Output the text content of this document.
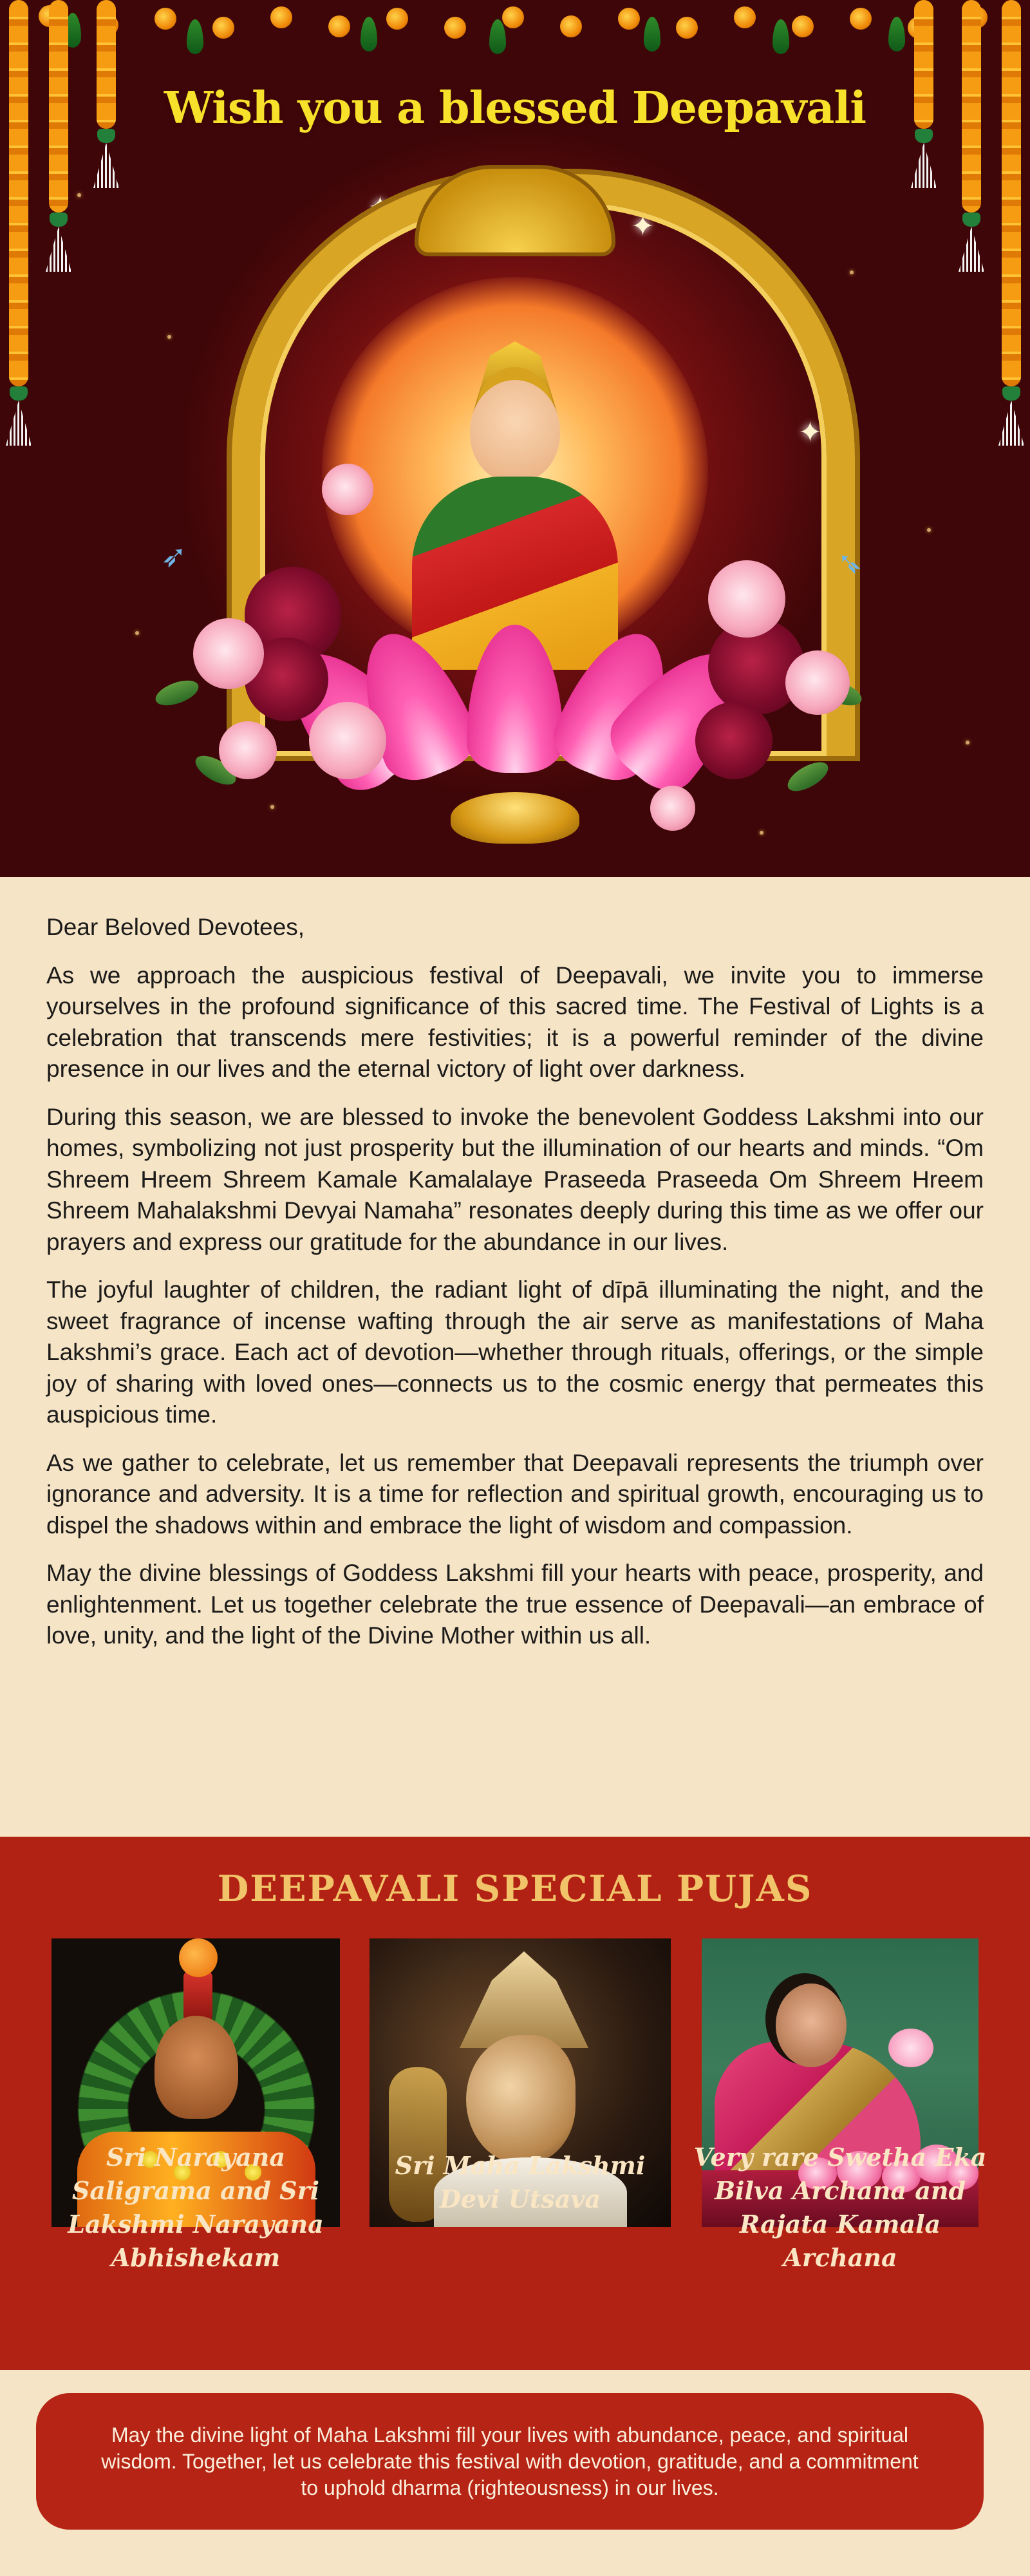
✦
✦
✦
➶	➶
Wish you a blessed Deepavali

Dear Beloved Devotees,

As we approach the auspicious festival of Deepavali, we invite you to immerse yourselves in the profound significance of this sacred time. The Festival of Lights is a celebration that transcends mere festivities; it is a powerful reminder of the divine presence in our lives and the eternal victory of light over darkness.

During this season, we are blessed to invoke the benevolent Goddess Lakshmi into our homes, symbolizing not just prosperity but the illumination of our hearts and minds. “Om Shreem Hreem Shreem Kamale Kamalalaye Praseeda Praseeda Om Shreem Hreem Shreem Mahalakshmi Devyai Namaha” resonates deeply during this time as we offer our prayers and express our gratitude for the abundance in our lives.

The joyful laughter of children, the radiant light of dīpā illuminating the night, and the sweet fragrance of incense wafting through the air serve as manifestations of Maha Lakshmi’s grace. Each act of devotion—whether through rituals, offerings, or the simple joy of sharing with loved ones—connects us to the cosmic energy that permeates this auspicious time.

As we gather to celebrate, let us remember that Deepavali represents the triumph over ignorance and adversity. It is a time for reflection and spiritual growth, encouraging us to dispel the shadows within and embrace the light of wisdom and compassion.

May the divine blessings of Goddess Lakshmi fill your hearts with peace, prosperity, and enlightenment. Let us together celebrate the true essence of Deepavali—an embrace of love, unity, and the light of the Divine Mother within us all.

DEEPAVALI SPECIAL PUJAS

Sri Narayana Saligrama and Sri Lakshmi Narayana Abhishekam

Sri Maha Lakshmi Devi Utsava

Very rare Swetha Eka Bilva Archana and Rajata Kamala Archana

May the divine light of Maha Lakshmi fill your lives with abundance, peace, and spiritual wisdom. Together, let us celebrate this festival with devotion, gratitude, and a commitment to uphold dharma (righteousness) in our lives.
